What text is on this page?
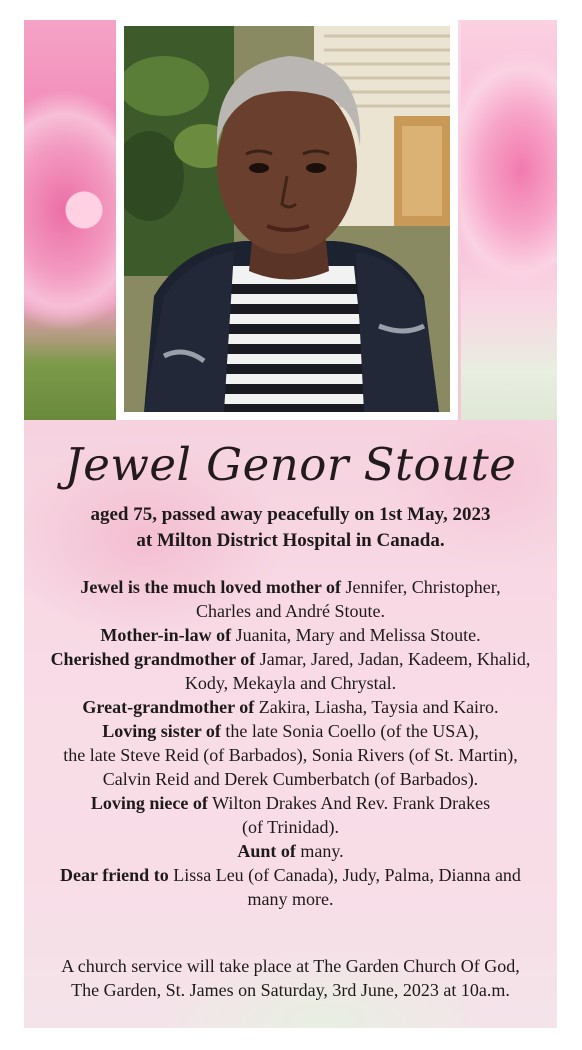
Jewel Genor Stoute
aged 75, passed away peacefully on 1st May, 2023
at Milton District Hospital in Canada.
Jewel is the much loved mother of Jennifer, Christopher,
Charles and André Stoute.
Mother-in-law of Juanita, Mary and Melissa Stoute.
Cherished grandmother of Jamar, Jared, Jadan, Kadeem, Khalid,
Kody, Mekayla and Chrystal.
Great-grandmother of Zakira, Liasha, Taysia and Kairo.
Loving sister of the late Sonia Coello (of the USA),
the late Steve Reid (of Barbados), Sonia Rivers (of St. Martin),
Calvin Reid and Derek Cumberbatch (of Barbados).
Loving niece of Wilton Drakes And Rev. Frank Drakes
(of Trinidad).
Aunt of many.
Dear friend to Lissa Leu (of Canada), Judy, Palma, Dianna and
many more.
A church service will take place at The Garden Church Of God,
The Garden, St. James on Saturday, 3rd June, 2023 at 10a.m.
